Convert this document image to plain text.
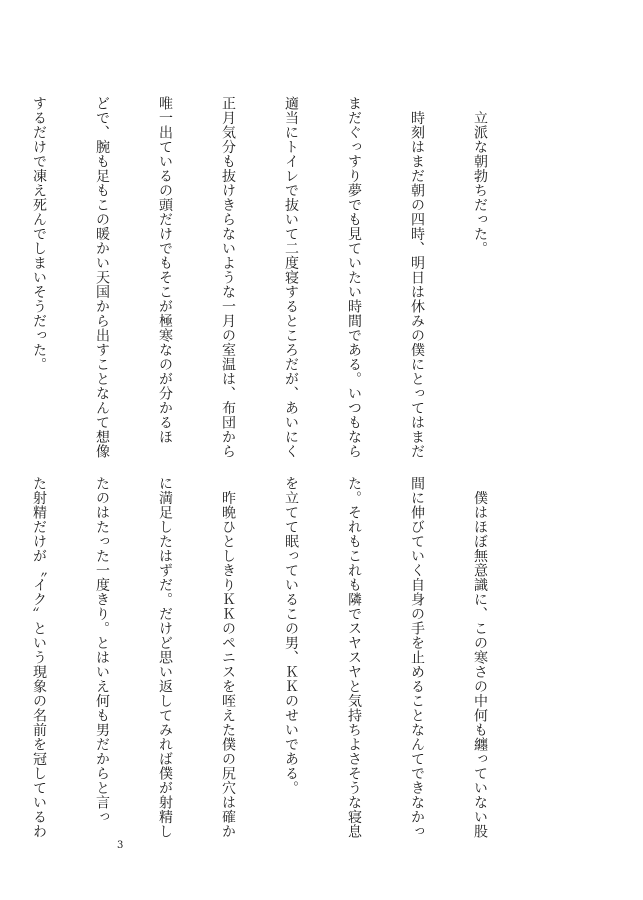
　立派な朝勃ちだった。

　時刻はまだ朝の四時、明日は休みの僕にとってはまだ

まだぐっすり夢でも見ていたい時間である。いつもなら

適当にトイレで抜いて二度寝するところだが、あいにく

正月気分も抜けきらないような一月の室温は、布団から

唯一出ているの頭だけでもそこが極寒なのが分かるほ

どで、腕も足もこの暖かい天国から出すことなんて想像

するだけで凍え死んでしまいそうだった。

　僕はほぼ無意識に、この寒さの中何も纏っていない股

間に伸びていく自身の手を止めることなんてできなかっ

た。それもこれも隣でスヤスヤと気持ちよさそうな寝息

を立てて眠っているこの男、ＫＫのせいである。

　昨晩ひとしきりＫＫのペニスを咥えた僕の尻穴は確か

に満足したはずだ。だけど思い返してみれば僕が射精し

たのはたった一度きり。とはいえ何も男だからと言っ

た射精だけが〝イク〟という現象の名前を冠しているわ

3
